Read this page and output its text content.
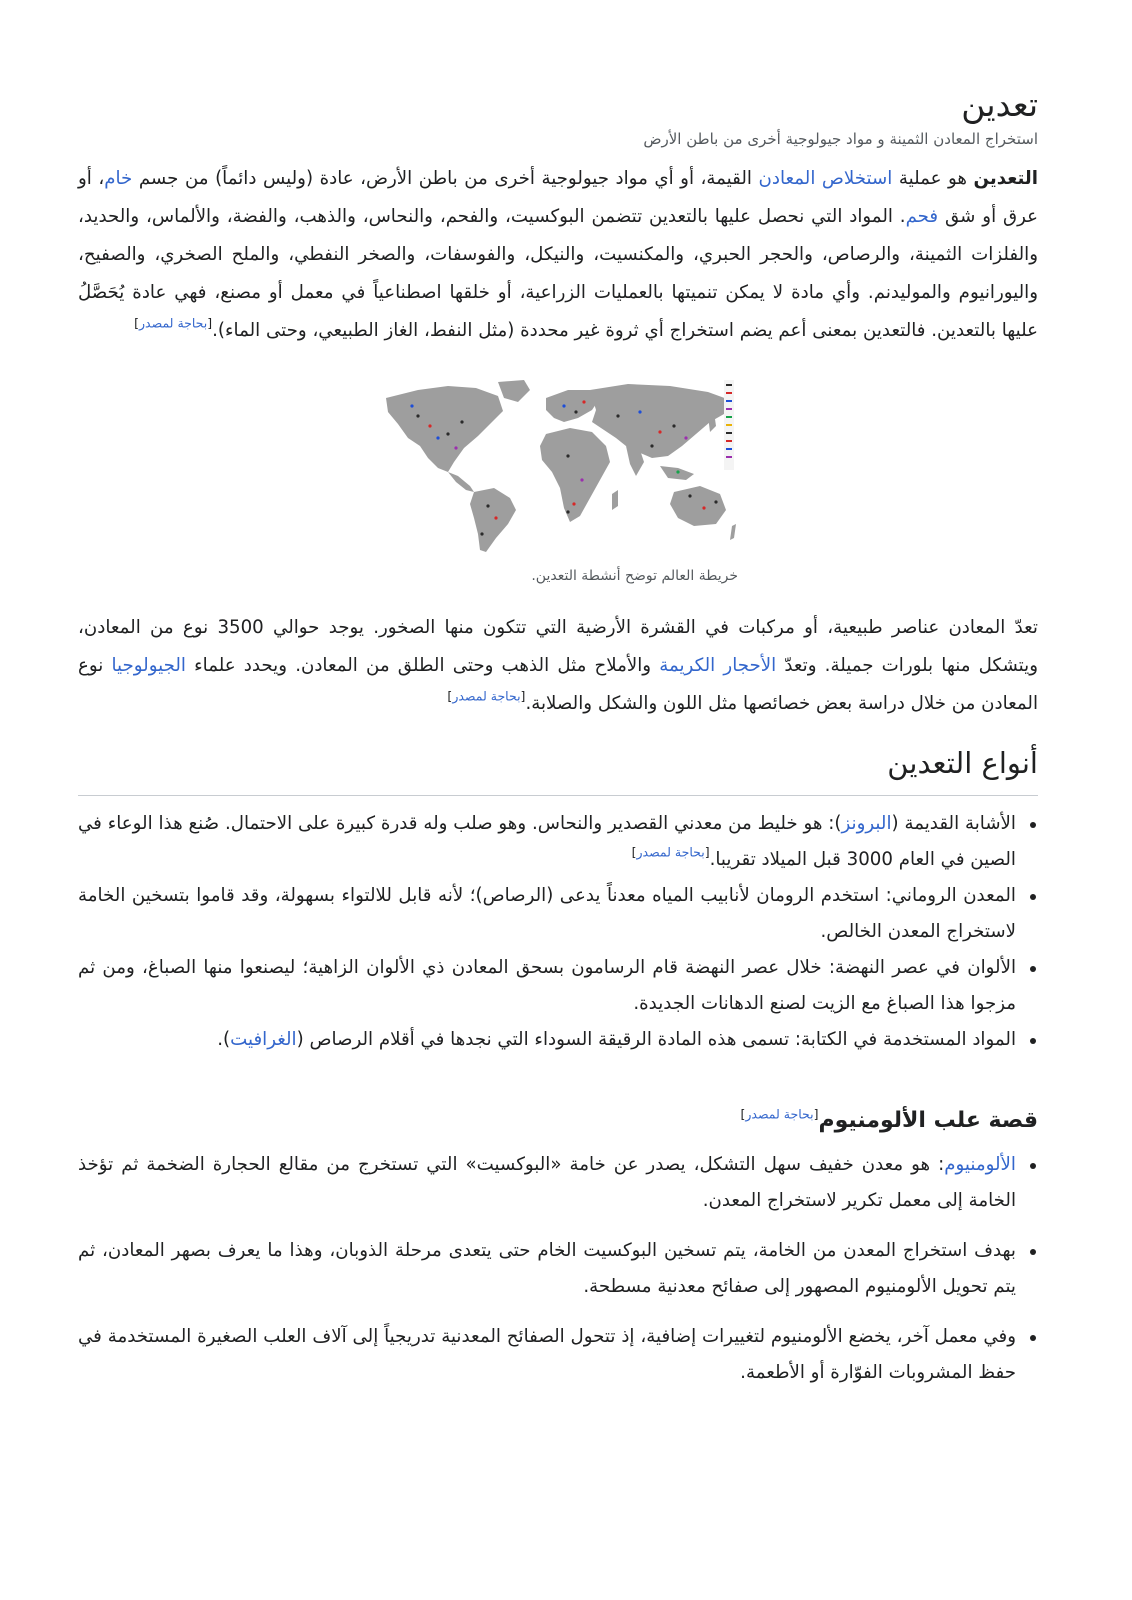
تعدين
استخراج المعادن الثمينة و مواد جيولوجية أخرى من باطن الأرض

التعدين هو عملية استخلاص المعادن القيمة، أو أي مواد جيولوجية أخرى من باطن الأرض، عادة (وليس دائماً) من جسم خام، أو عرق أو شق فحم. المواد التي نحصل عليها بالتعدين تتضمن البوكسيت، والفحم، والنحاس، والذهب، والفضة، والألماس، والحديد، والفلزات الثمينة، والرصاص، والحجر الحبري، والمكنسيت، والنيكل، والفوسفات، والصخر النفطي، والملح الصخري، والصفيح، واليورانيوم والموليدنم. وأي مادة لا يمكن تنميتها بالعمليات الزراعية، أو خلقها اصطناعياً في معمل أو مصنع، فهي عادة يُحَصَّلُ عليها بالتعدين. فالتعدين بمعنى أعم يضم استخراج أي ثروة غير محددة (مثل النفط، الغاز الطبيعي، وحتى الماء).[بحاجة لمصدر]

خريطة العالم توضح أنشطة التعدين.

تعدّ المعادن عناصر طبيعية، أو مركبات في القشرة الأرضية التي تتكون منها الصخور. يوجد حوالي 3500 نوع من المعادن، ويتشكل منها بلورات جميلة. وتعدّ الأحجار الكريمة والأملاح مثل الذهب وحتى الطلق من المعادن. ويحدد علماء الجيولوجيا نوع المعادن من خلال دراسة بعض خصائصها مثل اللون والشكل والصلابة.[بحاجة لمصدر]

أنواع التعدين
الأشابة القديمة (البرونز): هو خليط من معدني القصدير والنحاس. وهو صلب وله قدرة كبيرة على الاحتمال. صُنع هذا الوعاء في الصين في العام 3000 قبل الميلاد تقريبا.[بحاجة لمصدر]
المعدن الروماني: استخدم الرومان لأنابيب المياه معدناً يدعى (الرصاص)؛ لأنه قابل للالتواء بسهولة، وقد قاموا بتسخين الخامة لاستخراج المعدن الخالص.
الألوان في عصر النهضة: خلال عصر النهضة قام الرسامون بسحق المعادن ذي الألوان الزاهية؛ ليصنعوا منها الصباغ، ومن ثم مزجوا هذا الصباغ مع الزيت لصنع الدهانات الجديدة.
المواد المستخدمة في الكتابة: تسمى هذه المادة الرقيقة السوداء التي نجدها في أقلام الرصاص (الغرافيت).
قصة علب الألومنيوم[بحاجة لمصدر]
الألومنيوم: هو معدن خفيف سهل التشكل، يصدر عن خامة «البوكسيت» التي تستخرج من مقالع الحجارة الضخمة ثم تؤخذ الخامة إلى معمل تكرير لاستخراج المعدن.
بهدف استخراج المعدن من الخامة، يتم تسخين البوكسيت الخام حتى يتعدى مرحلة الذوبان، وهذا ما يعرف بصهر المعادن، ثم يتم تحويل الألومنيوم المصهور إلى صفائح معدنية مسطحة.
وفي معمل آخر، يخضع الألومنيوم لتغييرات إضافية، إذ تتحول الصفائح المعدنية تدريجياً إلى آلاف العلب الصغيرة المستخدمة في حفظ المشروبات الفوّارة أو الأطعمة.
